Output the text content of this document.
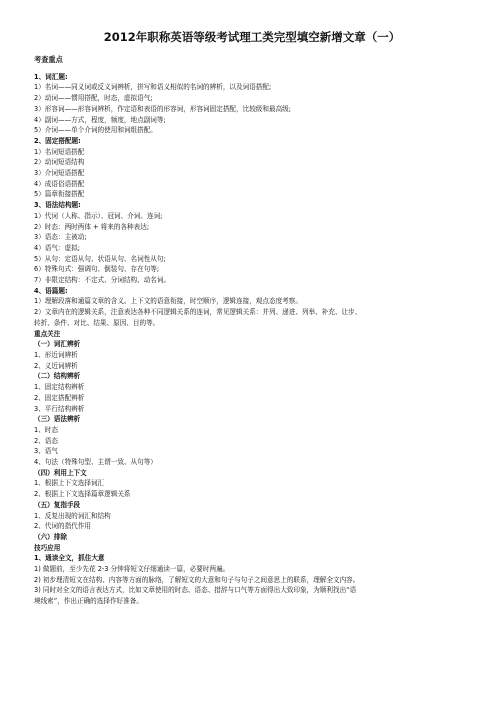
2012年职称英语等级考试理工类完型填空新增文章（一）
考查重点
1、词汇题:
1）名词——同义词或反义词辨析，拼写和语义相似的名词的辨析，以及词语搭配;
2）动词——惯用搭配，时态，虚拟语气;
3）形容词——形容词辨析，作定语和表语的形容词，形容词固定搭配，比较级和最高级;
4）副词——方式，程度，频度，地点副词等;
5）介词——单个介词的使用和词组搭配。
2、固定搭配题:
1）名词短语搭配
2）动词短语结构
3）介词短语搭配
4）成语俗语搭配
5）篇章衔接搭配
3、语法结构题:
1）代词（人称、指示）、冠词、介词、连词;
2）时态：两时两体 + 将来的各种表达;
3）语态：主被动;
4）语气：虚拟;
5）从句：定语从句、状语从句、名词性从句;
6）特殊句式：强调句、倒装句、存在句等;
7）非限定结构：不定式、分词结构、动名词。
4、语篇题:
1）理解段落和通篇文章的含义。上下文的语意衔接，时空顺序，逻辑连接，观点态度考察。
2）文章内在的逻辑关系，注意表达各种不同逻辑关系的连词，常见逻辑关系：并列、递进、列举、补充、让步、
转折、条件、对比、结果、原因、目的等。
重点关注
（一）词汇辨析
1、形近词辨析
2、义近词辨析
（二）结构辨析
1、固定结构辨析
2、固定搭配辨析
3、平行结构辨析
（三）语法辨析
1、时态
2、语态
3、语气
4、句法（特殊句型、主谓一致、从句等）
（四）利用上下文
1、根据上下文选择词汇
2、根据上下文选择篇章逻辑关系
（五）复指手段
1、反复出现的词汇和结构
2、代词的指代作用
（六）排除
技巧应用
1、通读全文，抓住大意
1) 做题前，至少先花 2-3 分钟将短文仔细通读一篇，必要时两遍。
2) 初步理清短文在结构、内容等方面的脉络，了解短文的大意和句子与句子之间意思上的联系，理解全文内容。
3) 同时对全文的语言表达方式，比如文章使用的时态、语态、措辞与口气等方面得出大致印象，为顺利找出“语
境线索”，作出正确的选择作好准备。
